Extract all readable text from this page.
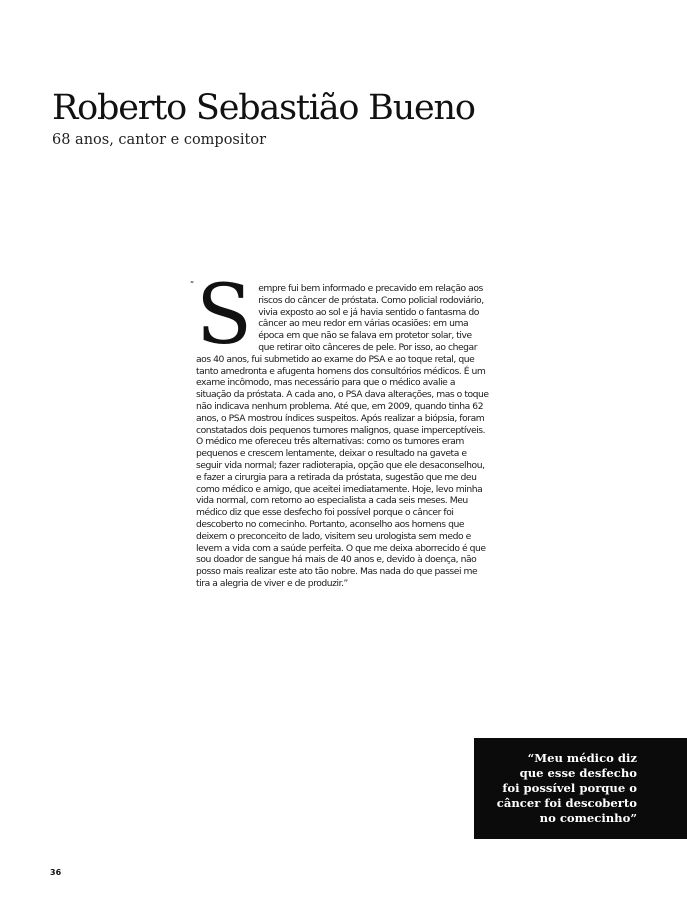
Roberto Sebastião Bueno

68 anos, cantor e compositor

“ S empre fui bem informado e precavido em relação aos riscos do câncer de próstata. Como policial rodoviário, vivia exposto ao sol e já havia sentido o fantasma do câncer ao meu redor em várias ocasiões: em uma época em que não se falava em protetor solar, tive que retirar oito cânceres de pele. Por isso, ao chegar aos 40 anos, fui submetido ao exame do PSA e ao toque retal, que tanto amedronta e afugenta homens dos consultórios médicos. É um exame incômodo, mas necessário para que o médico avalie a situação da próstata. A cada ano, o PSA dava alterações, mas o toque não indicava nenhum problema. Até que, em 2009, quando tinha 62 anos, o PSA mostrou índices suspeitos. Após realizar a biópsia, foram constatados dois pequenos tumores malignos, quase imperceptíveis. O médico me ofereceu três alternativas: como os tumores eram pequenos e crescem lentamente, deixar o resultado na gaveta e seguir vida normal; fazer radioterapia, opção que ele desaconselhou, e fazer a cirurgia para a retirada da próstata, sugestão que me deu como médico e amigo, que aceitei imediatamente. Hoje, levo minha vida normal, com retorno ao especialista a cada seis meses. Meu médico diz que esse desfecho foi possível porque o câncer foi descoberto no comecinho. Portanto, aconselho aos homens que deixem o preconceito de lado, visitem seu urologista sem medo e levem a vida com a saúde perfeita. O que me deixa aborrecido é que sou doador de sangue há mais de 40 anos e, devido à doença, não posso mais realizar este ato tão nobre. Mas nada do que passei me tira a alegria de viver e de produzir.”

“Meu médico diz
que esse desfecho
foi possível porque o
câncer foi descoberto
no comecinho”

36
